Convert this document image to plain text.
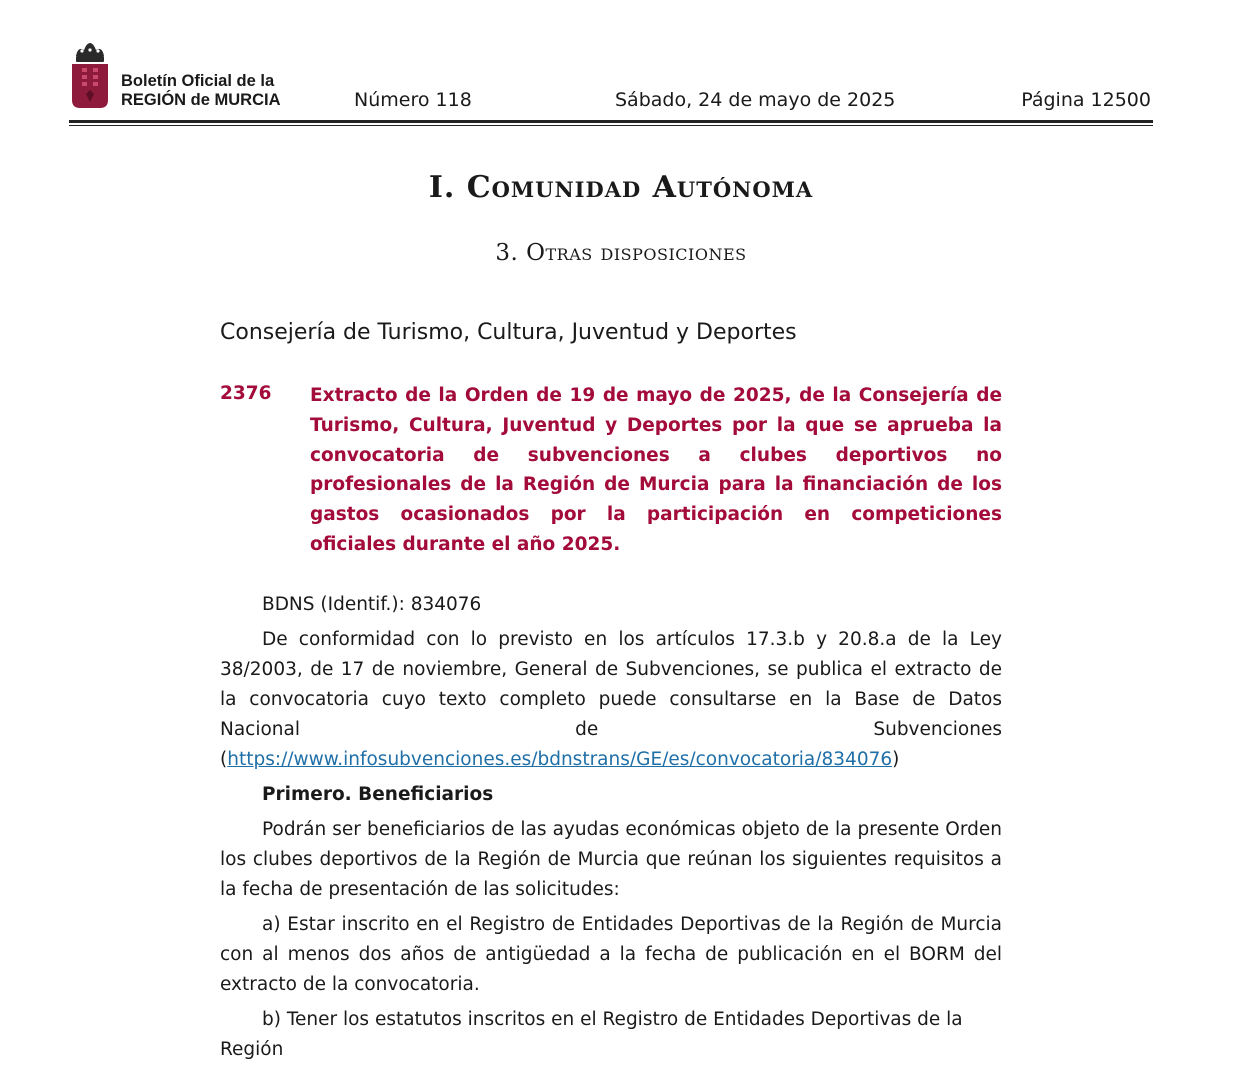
Boletín Oficial de la
REGIÓN de MURCIA	Número 118	Sábado, 24 de mayo de 2025	Página 12500
I. Comunidad Autónoma
3. Otras disposiciones
Consejería de Turismo, Cultura, Juventud y Deportes
2376 Extracto de la Orden de 19 de mayo de 2025, de la Consejería de Turismo, Cultura, Juventud y Deportes por la que se aprueba la convocatoria de subvenciones a clubes deportivos no profesionales de la Región de Murcia para la financiación de los gastos ocasionados por la participación en competiciones oficiales durante el año 2025.
BDNS (Identif.): 834076
De conformidad con lo previsto en los artículos 17.3.b y 20.8.a de la Ley 38/2003, de 17 de noviembre, General de Subvenciones, se publica el extracto de la convocatoria cuyo texto completo puede consultarse en la Base de Datos Nacional de Subvenciones (https://www.infosubvenciones.es/bdnstrans/GE/es/convocatoria/834076)
Primero. Beneficiarios
Podrán ser beneficiarios de las ayudas económicas objeto de la presente Orden los clubes deportivos de la Región de Murcia que reúnan los siguientes requisitos a la fecha de presentación de las solicitudes:
a) Estar inscrito en el Registro de Entidades Deportivas de la Región de Murcia con al menos dos años de antigüedad a la fecha de publicación en el BORM del extracto de la convocatoria.
b) Tener los estatutos inscritos en el Registro de Entidades Deportivas de la Región
